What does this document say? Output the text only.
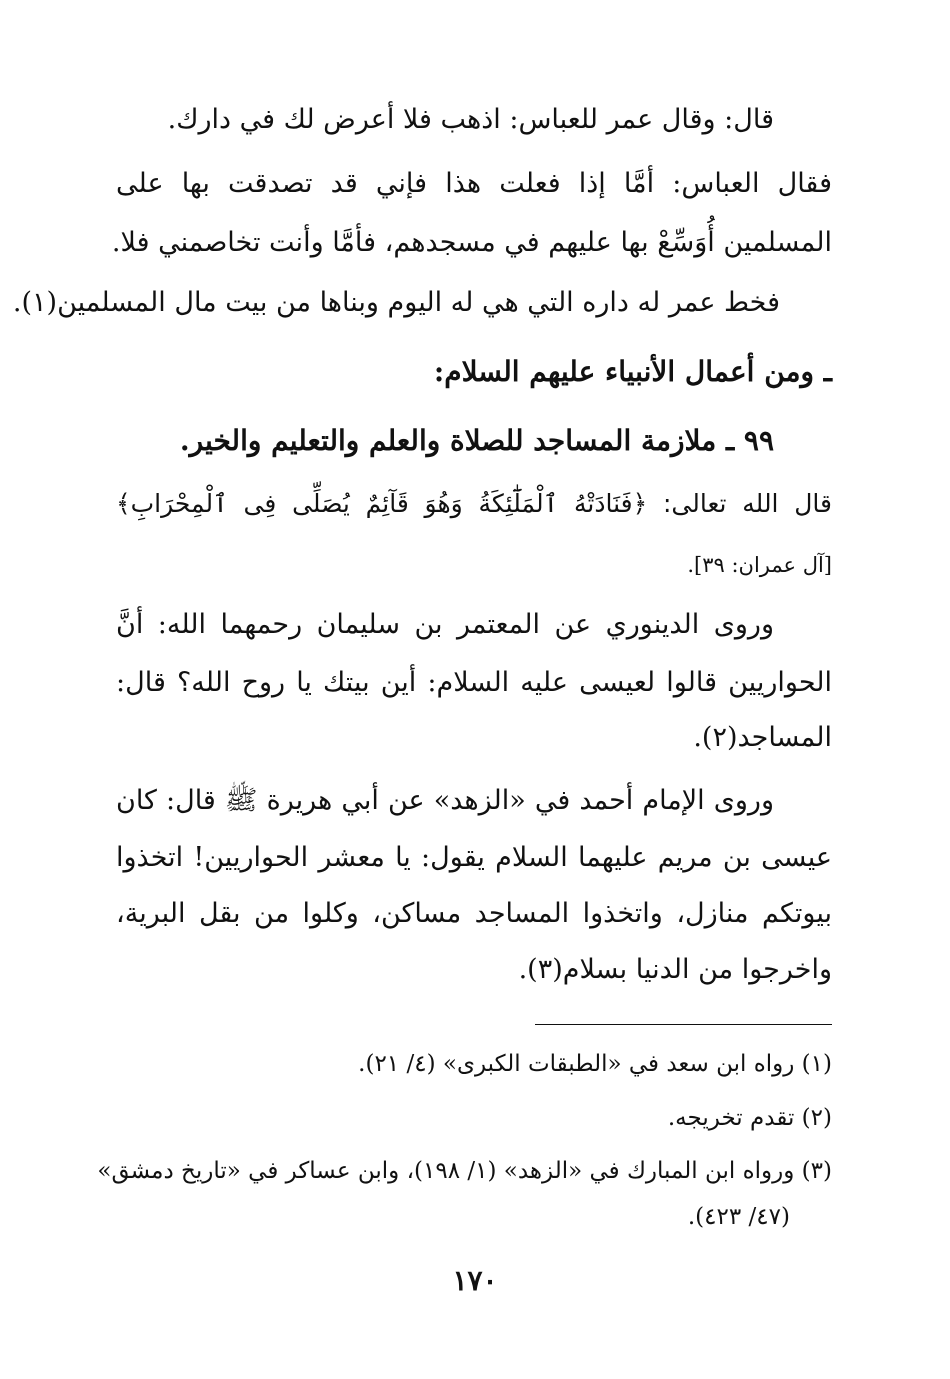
قال: وقال عمر للعباس: اذهب فلا أعرض لك في دارك.
فقال العباس: أمَّا إذا فعلت هذا فإني قد تصدقت بها على
المسلمين أُوَسِّعْ بها عليهم في مسجدهم، فأمَّا وأنت تخاصمني فلا.
فخط عمر له داره التي هي له اليوم وبناها من بيت مال المسلمين(١).
ـ ومن أعمال الأنبياء عليهم السلام:
٩٩ ـ ملازمة المساجد للصلاة والعلم والتعليم والخير.
قال الله تعالى: ﴿فَنَادَتْهُ ٱلْمَلَٰٓئِكَةُ وَهُوَ قَآئِمٌ يُصَلِّى فِى ٱلْمِحْرَابِ﴾
[آل عمران: ٣٩].
وروى الدينوري عن المعتمر بن سليمان رحمهما الله: أنَّ
الحواريين قالوا لعيسى عليه السلام: أين بيتك يا روح الله؟ قال:
المساجد(٢).
وروى الإمام أحمد في «الزهد» عن أبي هريرة ﷺ قال: كان
عيسى بن مريم عليهما السلام يقول: يا معشر الحواريين! اتخذوا
بيوتكم منازل، واتخذوا المساجد مساكن، وكلوا من بقل البرية،
واخرجوا من الدنيا بسلام(٣).
(١) رواه ابن سعد في «الطبقات الكبرى» (٤/ ٢١).
(٢) تقدم تخريجه.
(٣) ورواه ابن المبارك في «الزهد» (١/ ١٩٨)، وابن عساكر في «تاريخ دمشق»
(٤٧/ ٤٢٣).
١٧٠
